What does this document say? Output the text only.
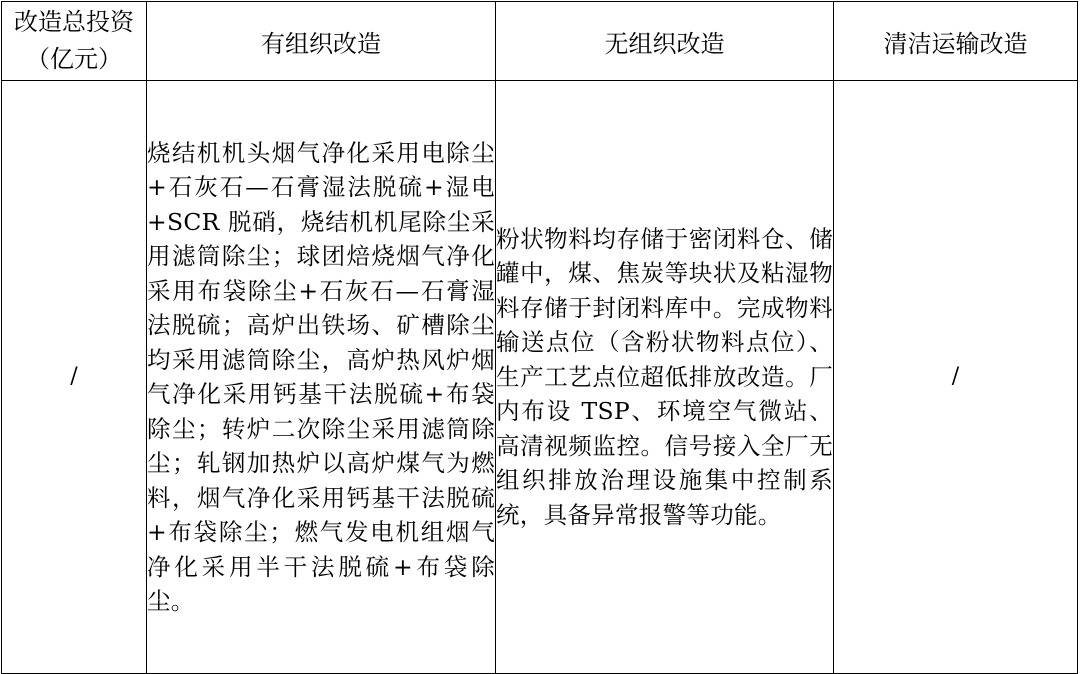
改造总投资（亿元）	有组织改造	无组织改造	清洁运输改造
/	烧结机机头烟气净化采用电除尘+石灰石—石膏湿法脱硫+湿电+SCR 脱硝，烧结机机尾除尘采用滤筒除尘；球团焙烧烟气净化采用布袋除尘+石灰石—石膏湿法脱硫；高炉出铁场、矿槽除尘均采用滤筒除尘，高炉热风炉烟气净化采用钙基干法脱硫+布袋除尘；转炉二次除尘采用滤筒除尘；轧钢加热炉以高炉煤气为燃料，烟气净化采用钙基干法脱硫+布袋除尘；燃气发电机组烟气净化采用半干法脱硫+布袋除尘。	粉状物料均存储于密闭料仓、储罐中，煤、焦炭等块状及粘湿物料存储于封闭料库中。完成物料输送点位（含粉状物料点位）、生产工艺点位超低排放改造。厂内布设 TSP、环境空气微站、高清视频监控。信号接入全厂无组织排放治理设施集中控制系统，具备异常报警等功能。	/
